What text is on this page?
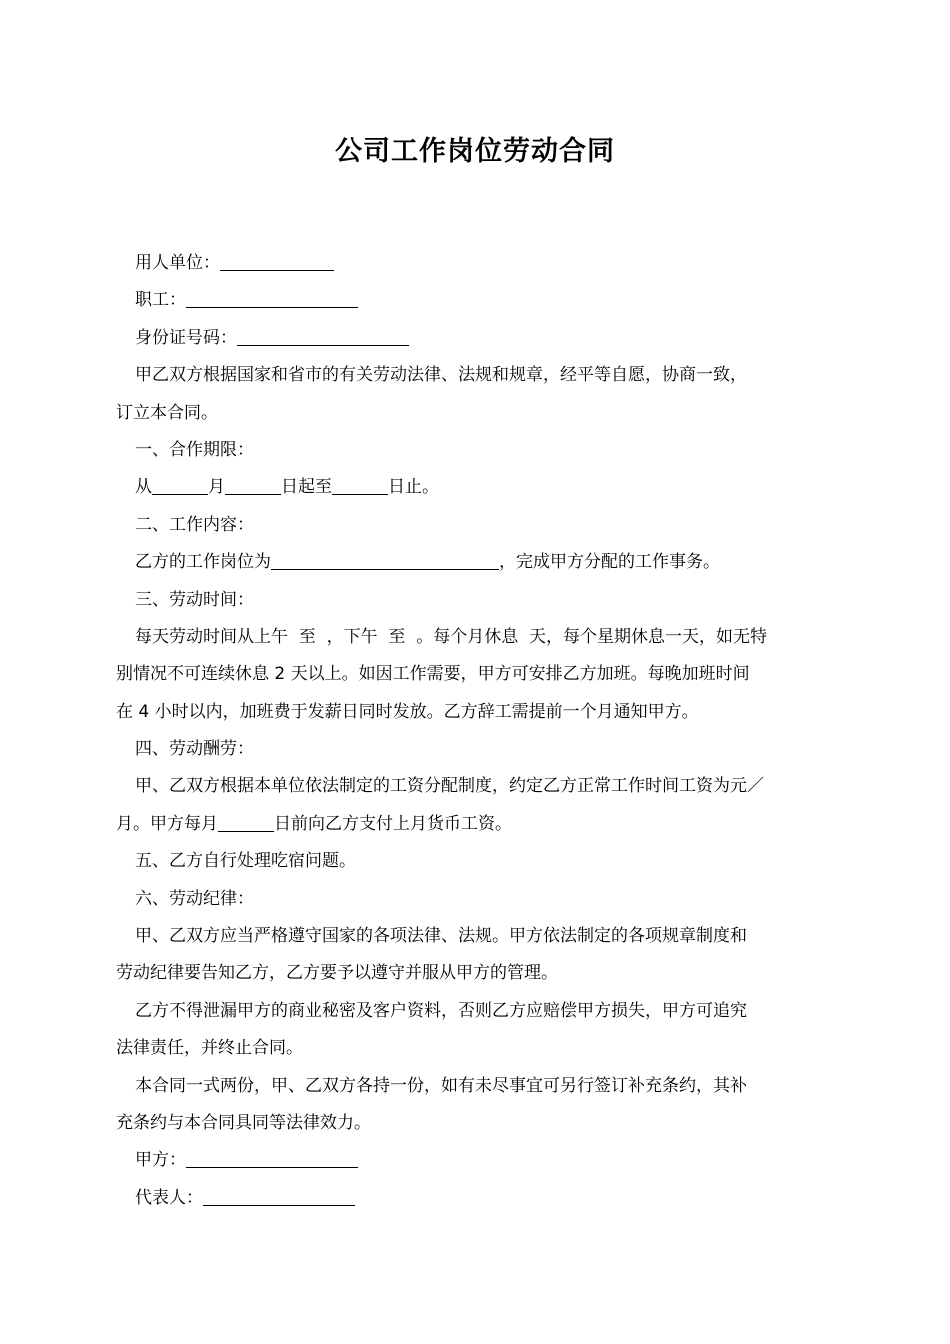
公司工作岗位劳动合同
用人单位：
职工：
身份证号码：
甲乙双方根据国家和省市的有关劳动法律、法规和规章，经平等自愿，协商一致，
订立本合同。
一、合作期限：
从	月	日起至	日止。
二、工作内容：
乙方的工作岗位为	，完成甲方分配的工作事务。
三、劳动时间：
每天劳动时间从上午  至  ，下午  至  。每个月休息  天，每个星期休息一天，如无特
别情况不可连续休息 2 天以上。如因工作需要，甲方可安排乙方加班。每晚加班时间
在 4 小时以内，加班费于发薪日同时发放。乙方辞工需提前一个月通知甲方。
四、劳动酬劳：
甲、乙双方根据本单位依法制定的工资分配制度，约定乙方正常工作时间工资为元／
月。甲方每月	日前向乙方支付上月货币工资。
五、乙方自行处理吃宿问题。
六、劳动纪律：
甲、乙双方应当严格遵守国家的各项法律、法规。甲方依法制定的各项规章制度和
劳动纪律要告知乙方，乙方要予以遵守并服从甲方的管理。
乙方不得泄漏甲方的商业秘密及客户资料，否则乙方应赔偿甲方损失，甲方可追究
法律责任，并终止合同。
本合同一式两份，甲、乙双方各持一份，如有未尽事宜可另行签订补充条约，其补
充条约与本合同具同等法律效力。
甲方：
代表人：
